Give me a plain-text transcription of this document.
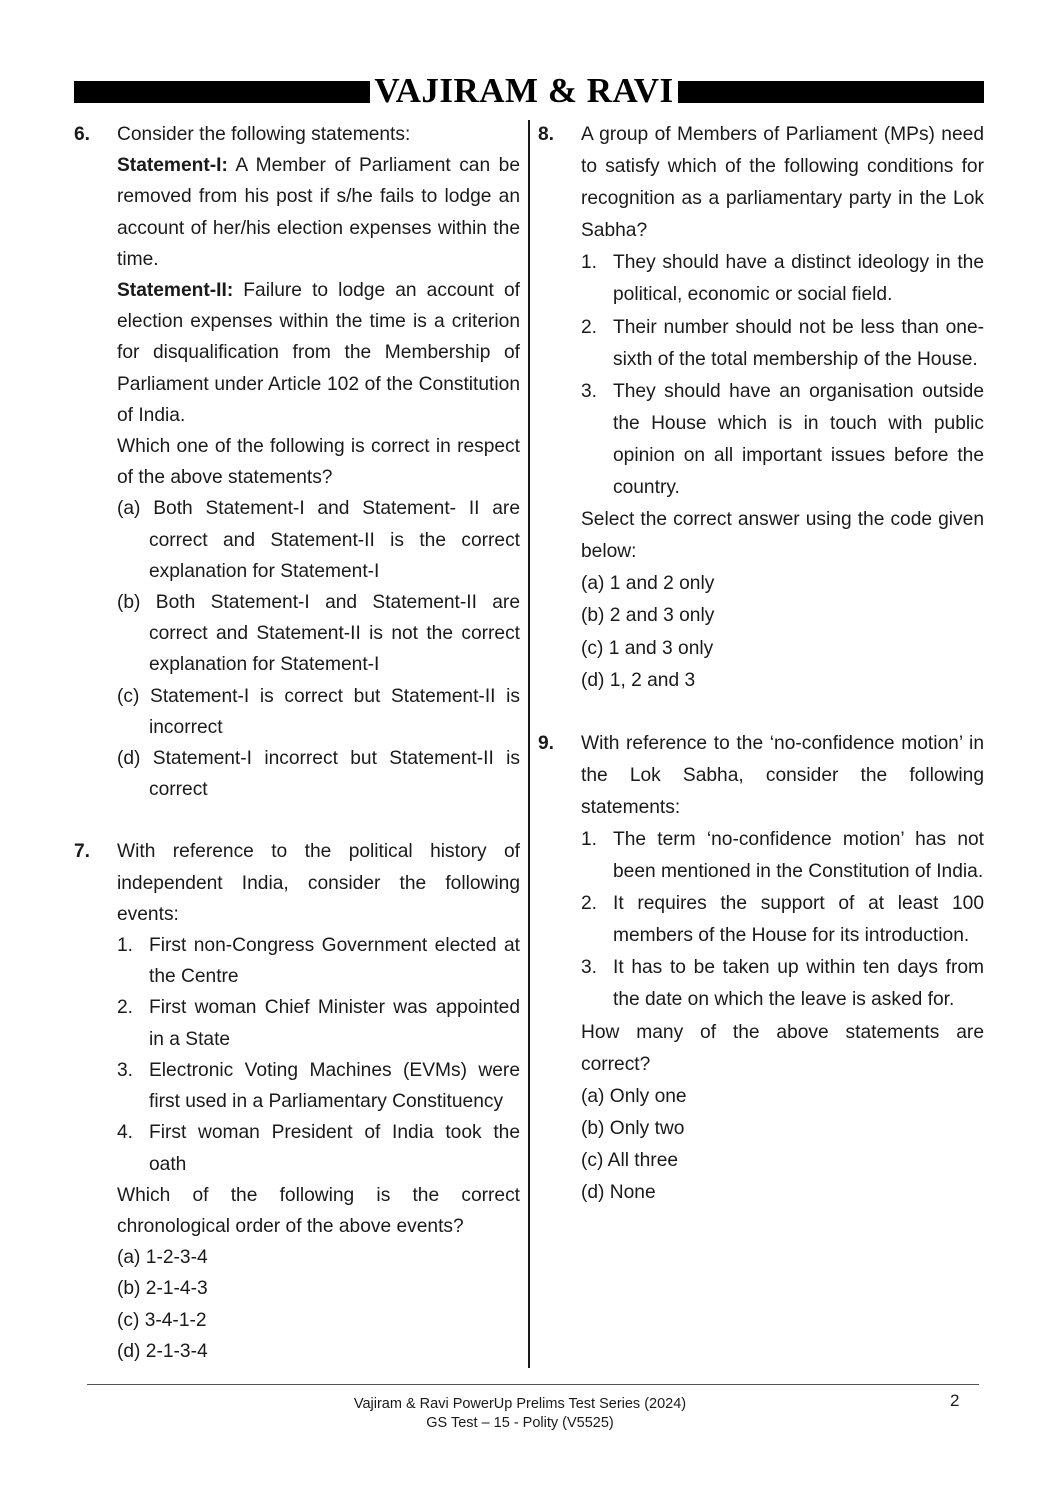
VAJIRAM & RAVI
6. Consider the following statements:
Statement-I: A Member of Parliament can be removed from his post if s/he fails to lodge an account of her/his election expenses within the time.
Statement-II: Failure to lodge an account of election expenses within the time is a criterion for disqualification from the Membership of Parliament under Article 102 of the Constitution of India.
Which one of the following is correct in respect of the above statements?
(a) Both Statement-I and Statement- II are correct and Statement-II is the correct explanation for Statement-I
(b) Both Statement-I and Statement-II are correct and Statement-II is not the correct explanation for Statement-I
(c) Statement-I is correct but Statement-II is incorrect
(d) Statement-I incorrect but Statement-II is correct
7. With reference to the political history of independent India, consider the following events:
1. First non-Congress Government elected at the Centre
2. First woman Chief Minister was appointed in a State
3. Electronic Voting Machines (EVMs) were first used in a Parliamentary Constituency
4. First woman President of India took the oath
Which of the following is the correct chronological order of the above events?
(a) 1-2-3-4
(b) 2-1-4-3
(c) 3-4-1-2
(d) 2-1-3-4
8. A group of Members of Parliament (MPs) need to satisfy which of the following conditions for recognition as a parliamentary party in the Lok Sabha?
1. They should have a distinct ideology in the political, economic or social field.
2. Their number should not be less than one-sixth of the total membership of the House.
3. They should have an organisation outside the House which is in touch with public opinion on all important issues before the country.
Select the correct answer using the code given below:
(a) 1 and 2 only
(b) 2 and 3 only
(c) 1 and 3 only
(d) 1, 2 and 3
9. With reference to the ‘no-confidence motion’ in the Lok Sabha, consider the following statements:
1. The term ‘no-confidence motion’ has not been mentioned in the Constitution of India.
2. It requires the support of at least 100 members of the House for its introduction.
3. It has to be taken up within ten days from the date on which the leave is asked for.
How many of the above statements are correct?
(a) Only one
(b) Only two
(c) All three
(d) None
Vajiram & Ravi PowerUp Prelims Test Series (2024)
GS Test – 15 - Polity (V5525)
2
